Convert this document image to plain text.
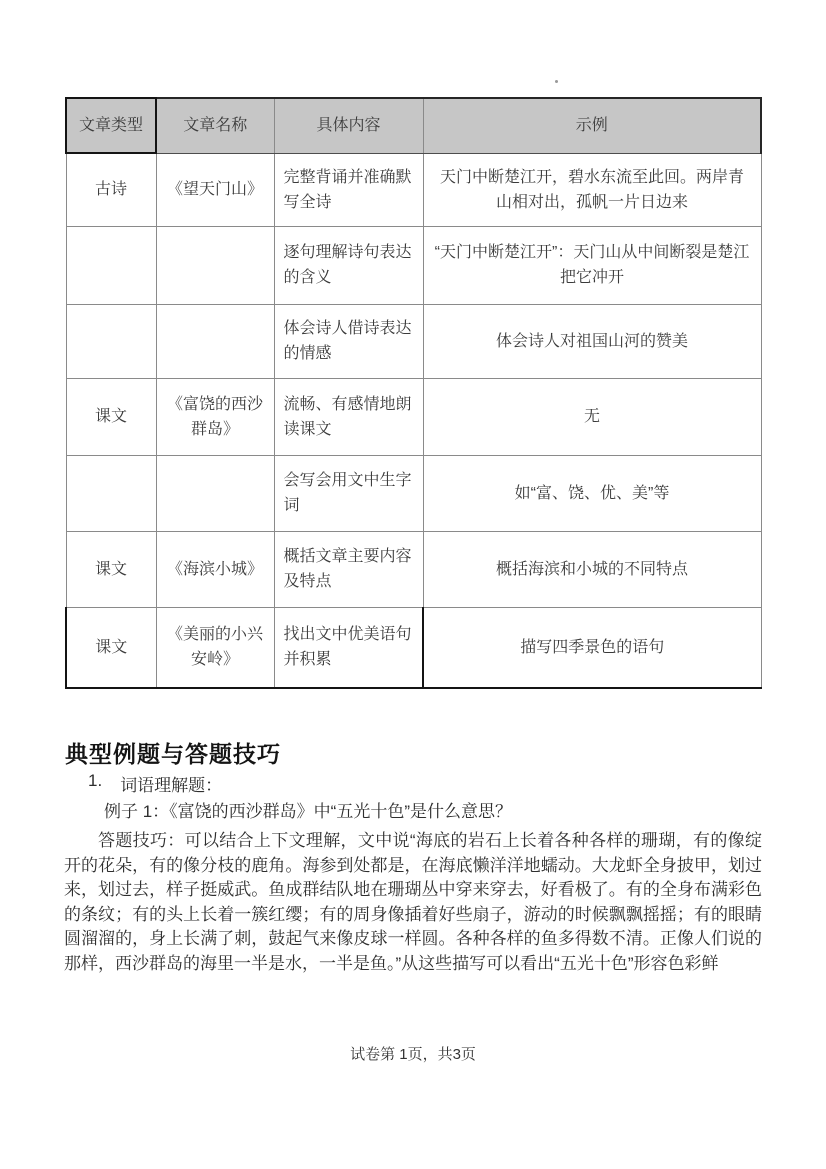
文章类型	文章名称	具体内容	示例
古诗	《望天门山》	完整背诵并准确默写全诗	天门中断楚江开，碧水东流至此回。两岸青山相对出，孤帆一片日边来
		逐句理解诗句表达的含义	“天门中断楚江开”：天门山从中间断裂是楚江把它冲开
		体会诗人借诗表达的情感	体会诗人对祖国山河的赞美
课文	《富饶的西沙群岛》	流畅、有感情地朗读课文	无
		会写会用文中生字词	如“富、饶、优、美”等
课文	《海滨小城》	概括文章主要内容及特点	概括海滨和小城的不同特点
课文	《美丽的小兴安岭》	找出文中优美语句并积累	描写四季景色的语句
典型例题与答题技巧
1. 词语理解题：

例子 1：《富饶的西沙群岛》中“五光十色”是什么意思？

答题技巧：可以结合上下文理解，文中说“海底的岩石上长着各种各样的珊瑚，有的像绽开的花朵，有的像分枝的鹿角。海参到处都是，在海底懒洋洋地蠕动。大龙虾全身披甲，划过来，划过去，样子挺威武。鱼成群结队地在珊瑚丛中穿来穿去，好看极了。有的全身布满彩色的条纹；有的头上长着一簇红缨；有的周身像插着好些扇子，游动的时候飘飘摇摇；有的眼睛圆溜溜的，身上长满了刺，鼓起气来像皮球一样圆。各种各样的鱼多得数不清。正像人们说的那样，西沙群岛的海里一半是水，一半是鱼。”从这些描写可以看出“五光十色”形容色彩鲜

试卷第 1页，共3页
